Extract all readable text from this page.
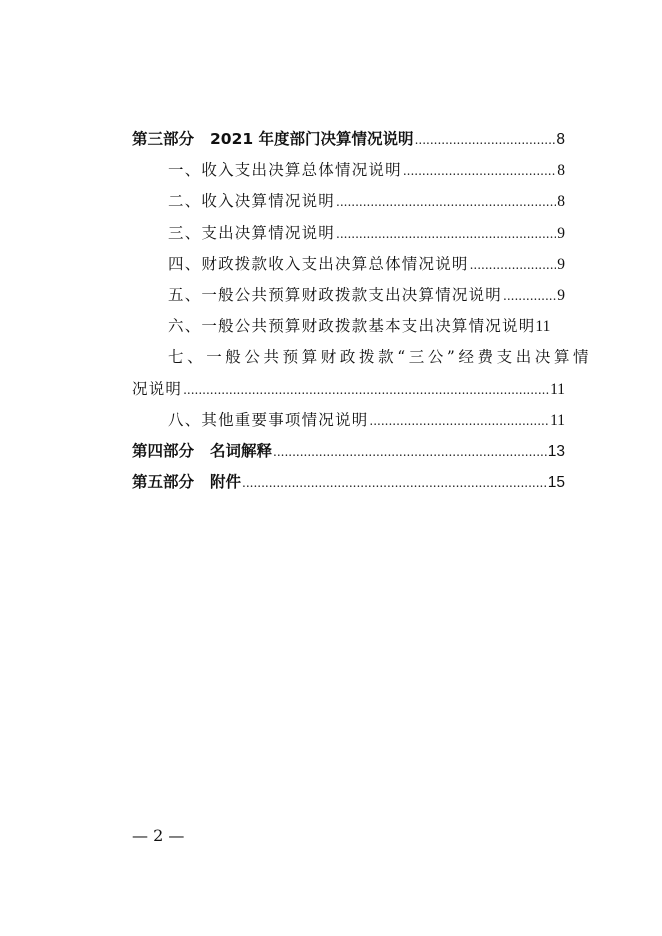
第三部分 2021 年度部门决算情况说明 .....	8
一、收入支出决算总体情况说明 .....	8
二、收入决算情况说明 .....	8
三、支出决算情况说明 .....	9
四、财政拨款收入支出决算总体情况说明 .....	9
五、一般公共预算财政拨款支出决算情况说明 .....	9
六、一般公共预算财政拨款基本支出决算情况说明 11
七、一般公共预算财政拨款“三公”经费支出决算情
况说明 .....	11
八、其他重要事项情况说明 .....	11
第四部分 名词解释 .....	13
第五部分 附件 .....	15
— 2 —
